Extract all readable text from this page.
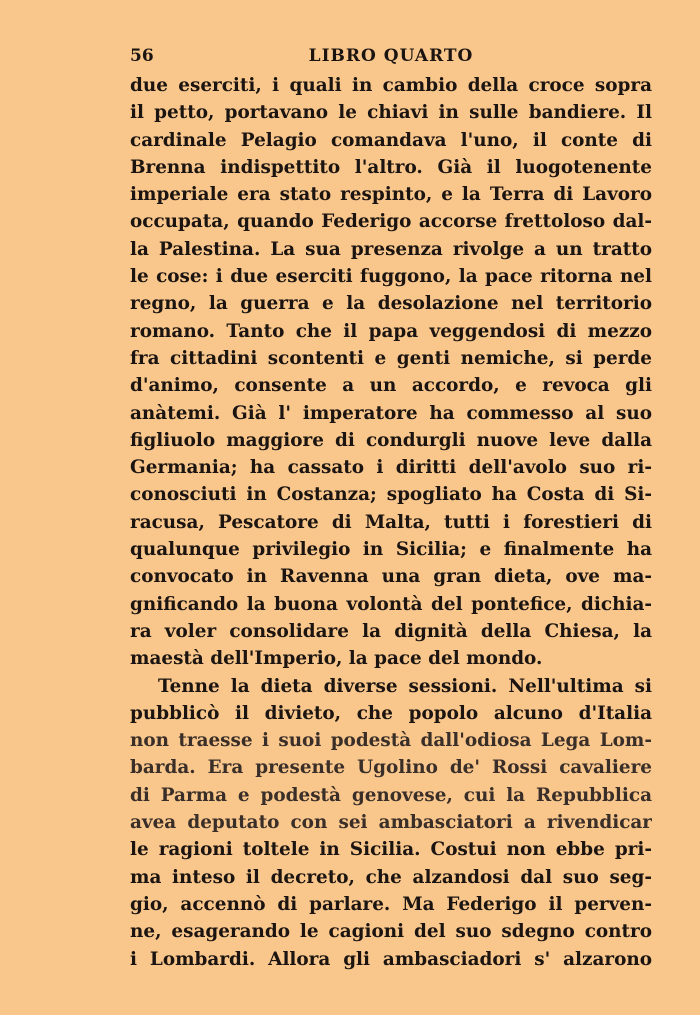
56	LIBRO QUARTO
due eserciti, i quali in cambio della croce sopra
il petto, portavano le chiavi in sulle bandiere. Il
cardinale Pelagio comandava l'uno, il conte di
Brenna indispettito l'altro. Già il luogotenente
imperiale era stato respinto, e la Terra di Lavoro
occupata, quando Federigo accorse frettoloso dal-
la Palestina. La sua presenza rivolge a un tratto
le cose: i due eserciti fuggono, la pace ritorna nel
regno, la guerra e la desolazione nel territorio
romano. Tanto che il papa veggendosi di mezzo
fra cittadini scontenti e genti nemiche, si perde
d'animo, consente a un accordo, e revoca gli
anàtemi. Già l' imperatore ha commesso al suo
figliuolo maggiore di condurgli nuove leve dalla
Germania; ha cassato i diritti dell'avolo suo ri-
conosciuti in Costanza; spogliato ha Costa di Si-
racusa, Pescatore di Malta, tutti i forestieri di
qualunque privilegio in Sicilia; e finalmente ha
convocato in Ravenna una gran dieta, ove ma-
gnificando la buona volontà del pontefice, dichia-
ra voler consolidare la dignità della Chiesa, la
maestà dell'Imperio, la pace del mondo.
Tenne la dieta diverse sessioni. Nell'ultima si
pubblicò il divieto, che popolo alcuno d'Italia
non traesse i suoi podestà dall'odiosa Lega Lom-
barda. Era presente Ugolino de' Rossi cavaliere
di Parma e podestà genovese, cui la Repubblica
avea deputato con sei ambasciatori a rivendicar
le ragioni toltele in Sicilia. Costui non ebbe pri-
ma inteso il decreto, che alzandosi dal suo seg-
gio, accennò di parlare. Ma Federigo il perven-
ne, esagerando le cagioni del suo sdegno contro
i Lombardi. Allora gli ambasciadori s' alzarono
